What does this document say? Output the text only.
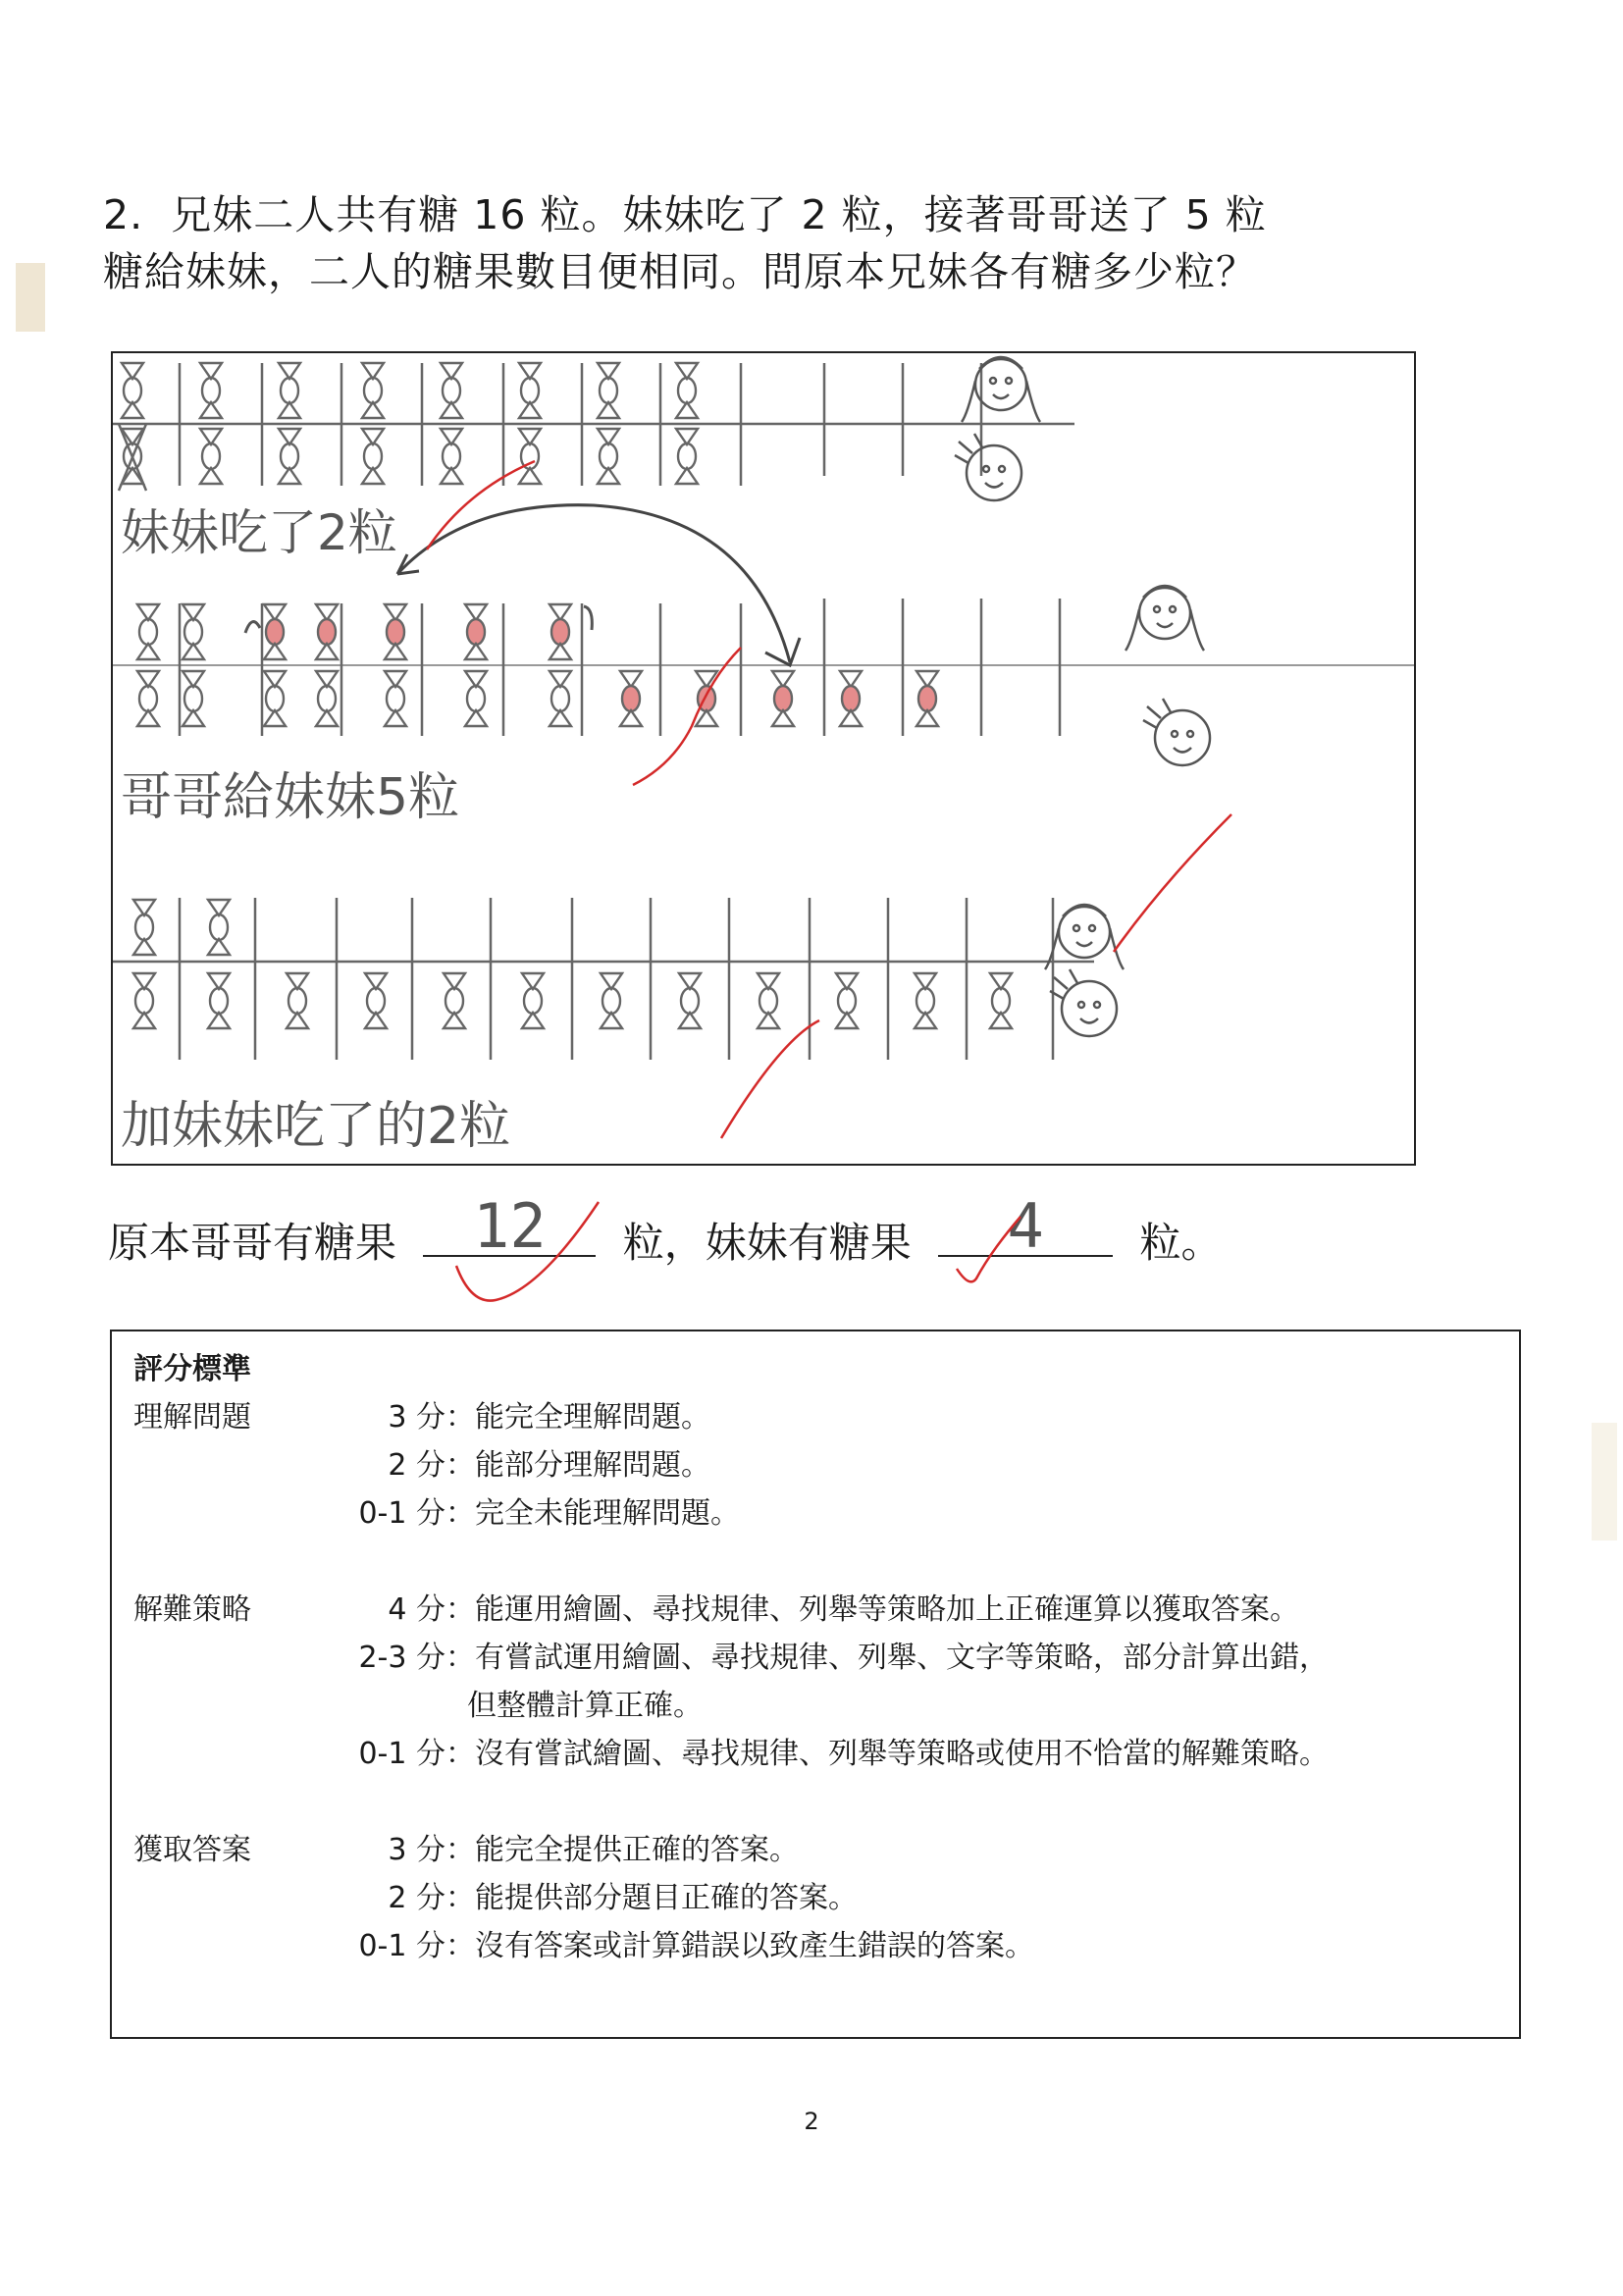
2. 兄妹二人共有糖 16 粒。妹妹吃了 2 粒，接著哥哥送了 5 粒
糖給妹妹，二人的糖果數目便相同。問原本兄妹各有糖多少粒？
妹妹吃了2粒
哥哥給妹妹5粒
加妹妹吃了的2粒
原本哥哥有糖果	12	粒，妹妹有糖果	4	粒。
評分標準
理解問題	3 分：能完全理解問題。
2 分：能部分理解問題。
0-1 分：完全未能理解問題。
解難策略	4 分：能運用繪圖、尋找規律、列舉等策略加上正確運算以獲取答案。
2-3 分：有嘗試運用繪圖、尋找規律、列舉、文字等策略，部分計算出錯，
但整體計算正確。
0-1 分：沒有嘗試繪圖、尋找規律、列舉等策略或使用不恰當的解難策略。
獲取答案	3 分：能完全提供正確的答案。
2 分：能提供部分題目正確的答案。
0-1 分：沒有答案或計算錯誤以致產生錯誤的答案。
2
